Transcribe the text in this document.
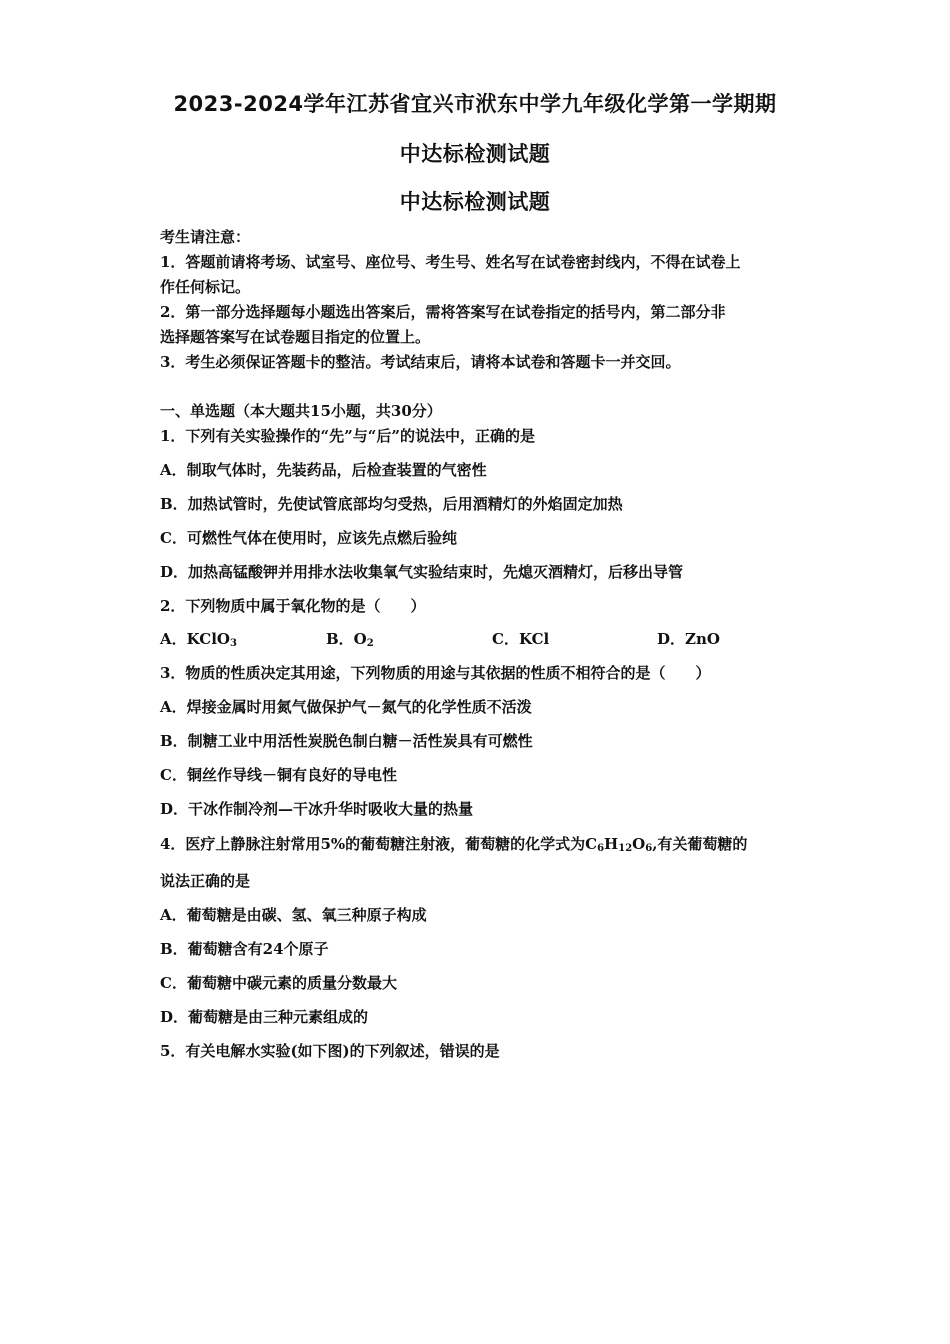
2023-2024学年江苏省宜兴市洑东中学九年级化学第一学期期
中达标检测试题
中达标检测试题
考生请注意：
1．答题前请将考场、试室号、座位号、考生号、姓名写在试卷密封线内，不得在试卷上
作任何标记。
2．第一部分选择题每小题选出答案后，需将答案写在试卷指定的括号内，第二部分非
选择题答案写在试卷题目指定的位置上。
3．考生必须保证答题卡的整洁。考试结束后，请将本试卷和答题卡一并交回。
一、单选题（本大题共15小题，共30分）
1．下列有关实验操作的“先”与“后”的说法中，正确的是
A．制取气体时，先装药品，后检查装置的气密性
B．加热试管时，先使试管底部均匀受热，后用酒精灯的外焰固定加热
C．可燃性气体在使用时，应该先点燃后验纯
D．加热高锰酸钾并用排水法收集氧气实验结束时，先熄灭酒精灯，后移出导管
2．下列物质中属于氧化物的是（　　）
A．KClO$_3$	B．$O_2$	C．KCl	D．ZnO
3．物质的性质决定其用途，下列物质的用途与其依据的性质不相符合的是（　　）
A．焊接金属时用氮气做保护气－氮气的化学性质不活泼
B．制糖工业中用活性炭脱色制白糖－活性炭具有可燃性
C．铜丝作导线－铜有良好的导电性
D．干冰作制冷剂—干冰升华时吸收大量的热量
4．医疗上静脉注射常用5%的葡萄糖注射液，葡萄糖的化学式为$C_6H_{12}O_6$,有关葡萄糖的
说法正确的是
A．葡萄糖是由碳、氢、氧三种原子构成
B．葡萄糖含有24个原子
C．葡萄糖中碳元素的质量分数最大
D．葡萄糖是由三种元素组成的
5．有关电解水实验(如下图)的下列叙述，错误的是
